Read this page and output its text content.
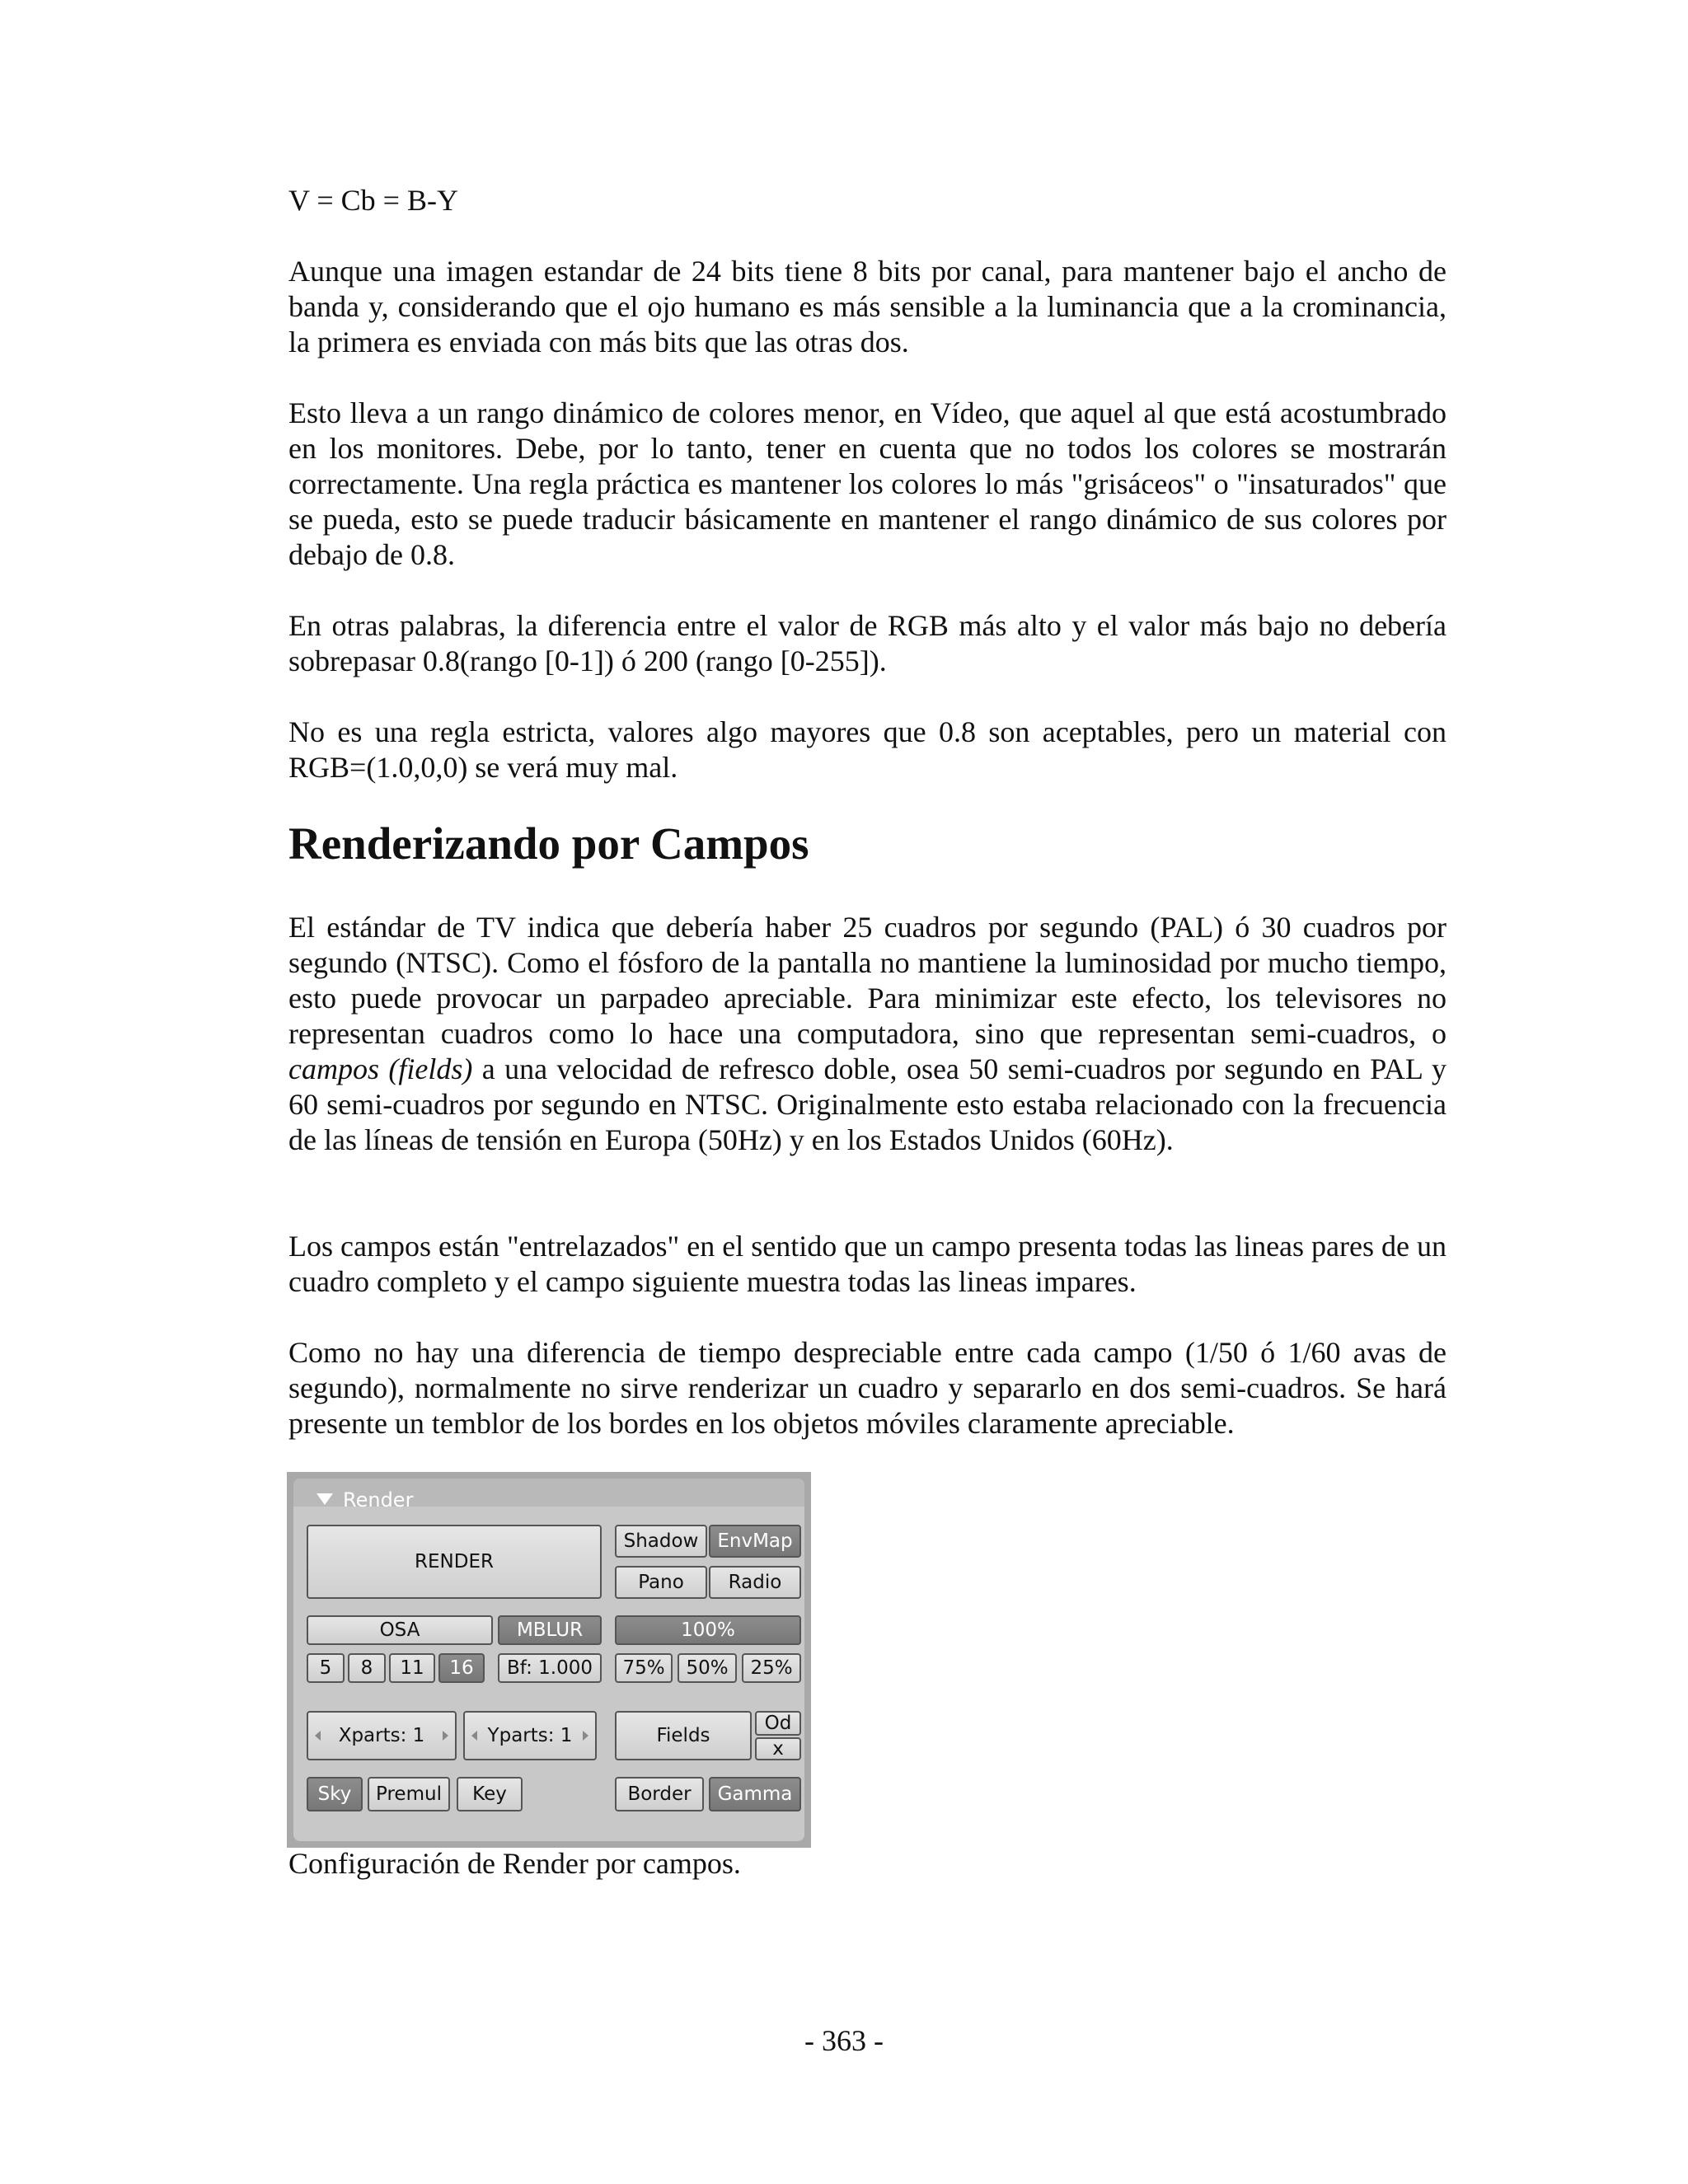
V = Cb = B-Y

Aunque una imagen estandar de 24 bits tiene 8 bits por canal, para mantener bajo el ancho de banda y, considerando que el ojo humano es más sensible a la luminancia que a la crominancia, la primera es enviada con más bits que las otras dos.

Esto lleva a un rango dinámico de colores menor, en Vídeo, que aquel al que está acostumbrado en los monitores. Debe, por lo tanto, tener en cuenta que no todos los colores se mostrarán correctamente. Una regla práctica es mantener los colores lo más "grisáceos" o "insaturados" que se pueda, esto se puede traducir básicamente en mantener el rango dinámico de sus colores por debajo de 0.8.

En otras palabras, la diferencia entre el valor de RGB más alto y el valor más bajo no debería sobrepasar 0.8(rango [0-1]) ó 200 (rango [0-255]).

No es una regla estricta, valores algo mayores que 0.8 son aceptables, pero un material con RGB=(1.0,0,0) se verá muy mal.

Renderizando por Campos

El estándar de TV indica que debería haber 25 cuadros por segundo (PAL) ó 30 cuadros por segundo (NTSC). Como el fósforo de la pantalla no mantiene la luminosidad por mucho tiempo, esto puede provocar un parpadeo apreciable. Para minimizar este efecto, los televisores no representan cuadros como lo hace una computadora, sino que representan semi-cuadros, o campos (fields) a una velocidad de refresco doble, osea 50 semi-cuadros por segundo en PAL y 60 semi-cuadros por segundo en NTSC. Originalmente esto estaba relacionado con la frecuencia de las líneas de tensión en Europa (50Hz) y en los Estados Unidos (60Hz).

Los campos están "entrelazados" en el sentido que un campo presenta todas las lineas pares de un cuadro completo y el campo siguiente muestra todas las lineas impares.

Como no hay una diferencia de tiempo despreciable entre cada campo (1/50 ó 1/60 avas de segundo), normalmente no sirve renderizar un cuadro y separarlo en dos semi-cuadros. Se hará presente un temblor de los bordes en los objetos móviles claramente apreciable.

Render
RENDER
Shadow EnvMap
Pano	Radio
OSA	MBLUR	100%
5	8	11	16	Bf: 1.000	75%	50%	25%
Xparts: 1	Yparts: 1	Fields
Od
x
Sky	Premul	Key	Border	Gamma
Configuración de Render por campos.
- 363 -
